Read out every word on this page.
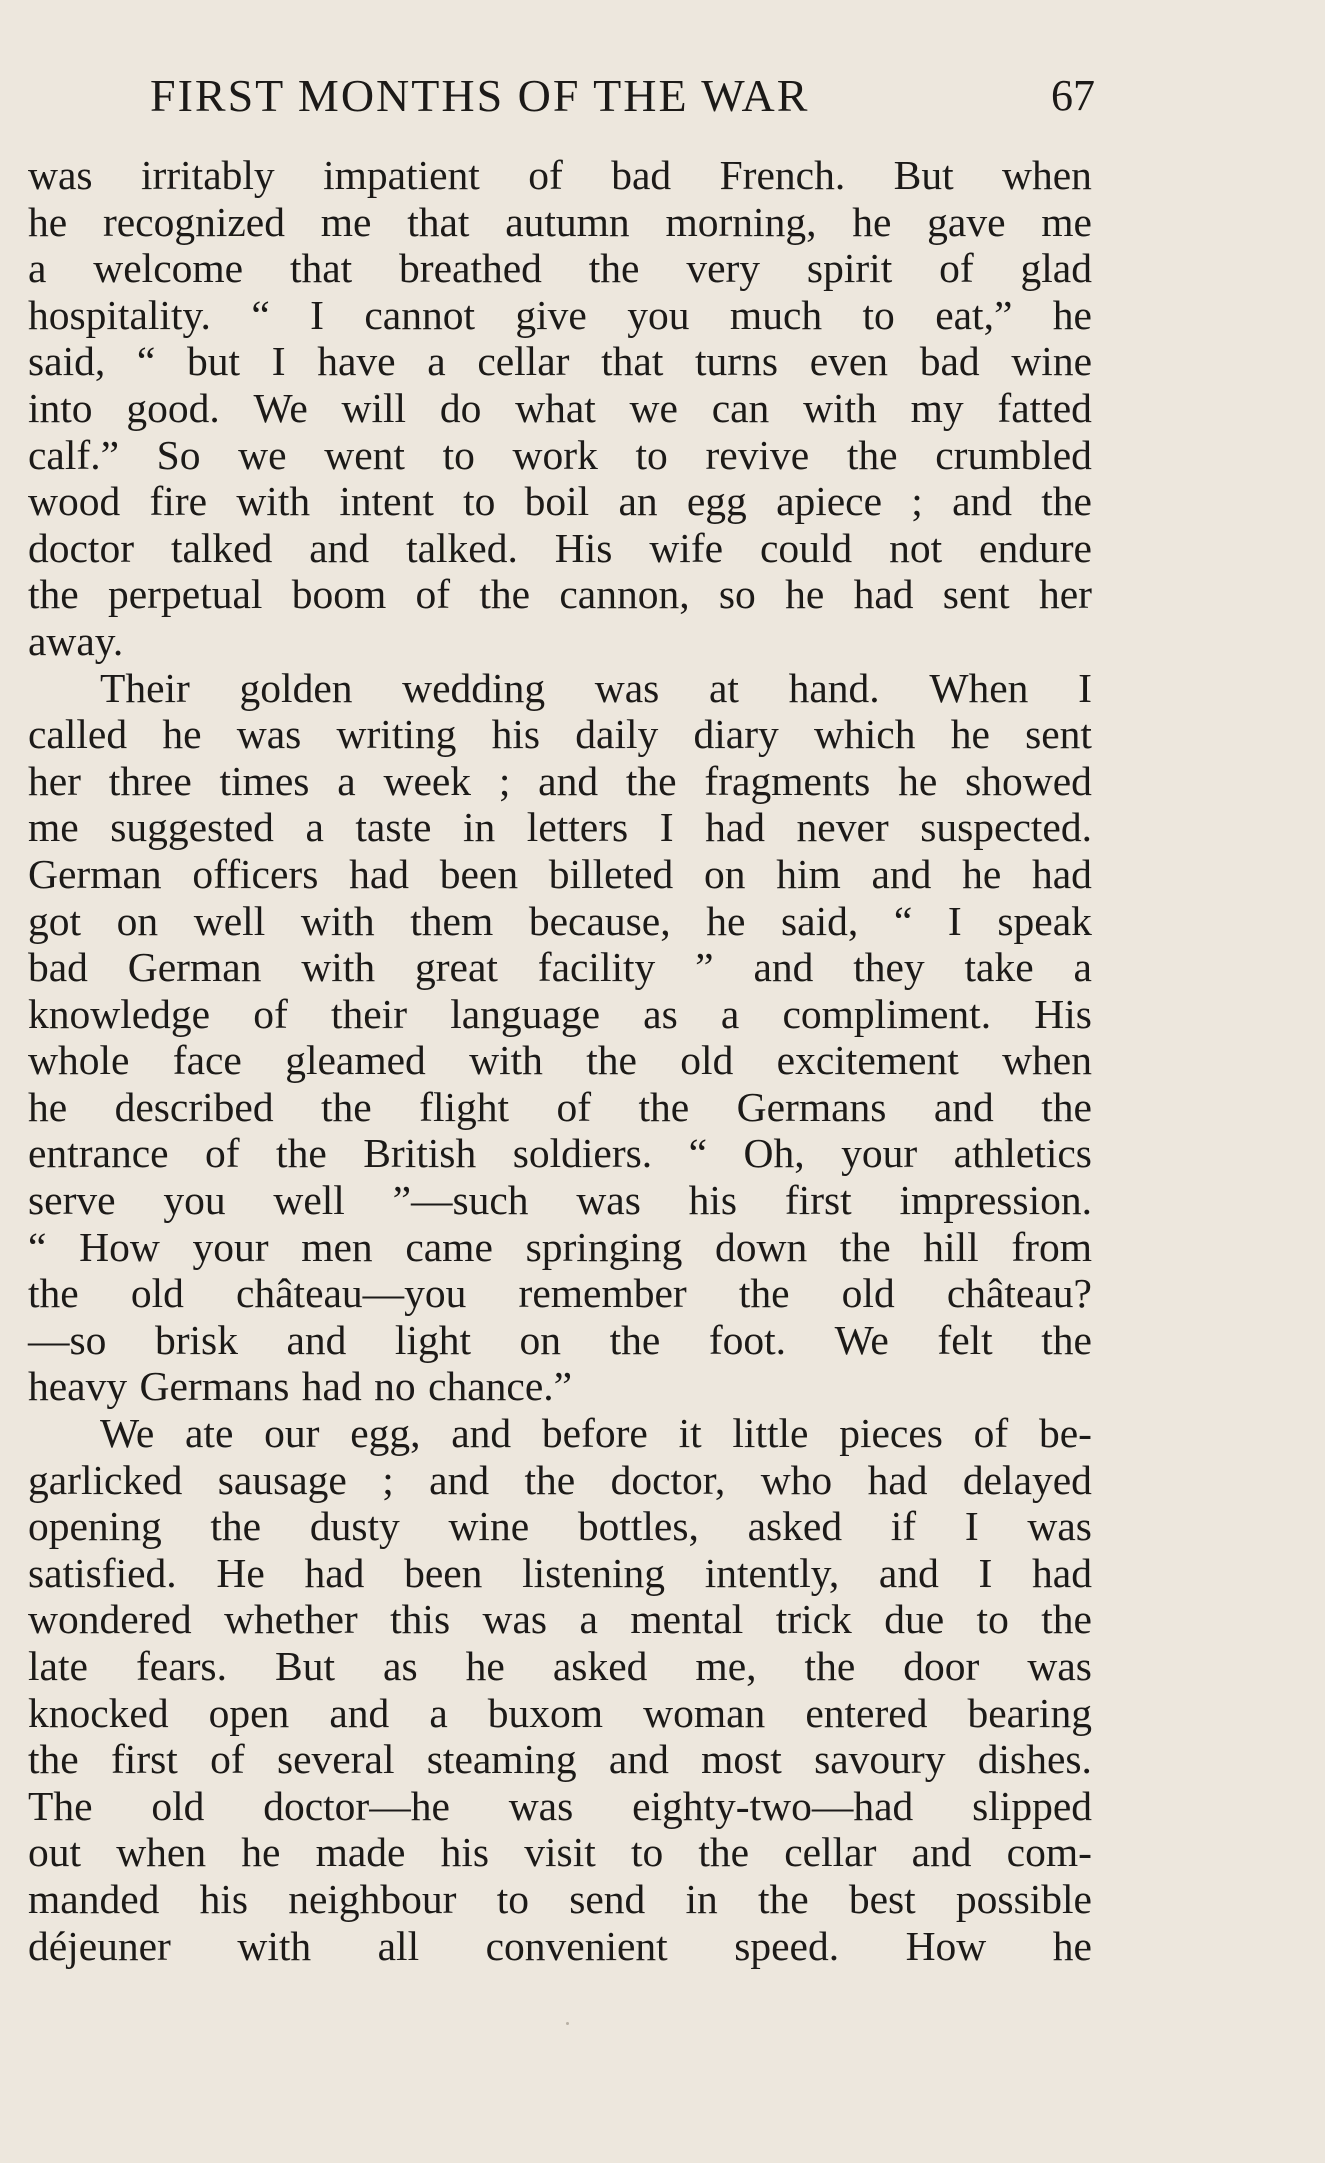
FIRST MONTHS OF THE WAR	67
was irritably impatient of bad French. But when
he recognized me that autumn morning, he gave me
a welcome that breathed the very spirit of glad
hospitality. “ I cannot give you much to eat,” he
said, “ but I have a cellar that turns even bad wine
into good. We will do what we can with my fatted
calf.” So we went to work to revive the crumbled
wood fire with intent to boil an egg apiece ; and the
doctor talked and talked. His wife could not endure
the perpetual boom of the cannon, so he had sent her
away.
Their golden wedding was at hand. When I
called he was writing his daily diary which he sent
her three times a week ; and the fragments he showed
me suggested a taste in letters I had never suspected.
German officers had been billeted on him and he had
got on well with them because, he said, “ I speak
bad German with great facility ” and they take a
knowledge of their language as a compliment. His
whole face gleamed with the old excitement when
he described the flight of the Germans and the
entrance of the British soldiers. “ Oh, your athletics
serve you well ”—such was his first impression.
“ How your men came springing down the hill from
the old château—you remember the old château?
—so brisk and light on the foot. We felt the
heavy Germans had no chance.”
We ate our egg, and before it little pieces of be-
garlicked sausage ; and the doctor, who had delayed
opening the dusty wine bottles, asked if I was
satisfied. He had been listening intently, and I had
wondered whether this was a mental trick due to the
late fears. But as he asked me, the door was
knocked open and a buxom woman entered bearing
the first of several steaming and most savoury dishes.
The old doctor—he was eighty-two—had slipped
out when he made his visit to the cellar and com-
manded his neighbour to send in the best possible
déjeuner with all convenient speed. How he
